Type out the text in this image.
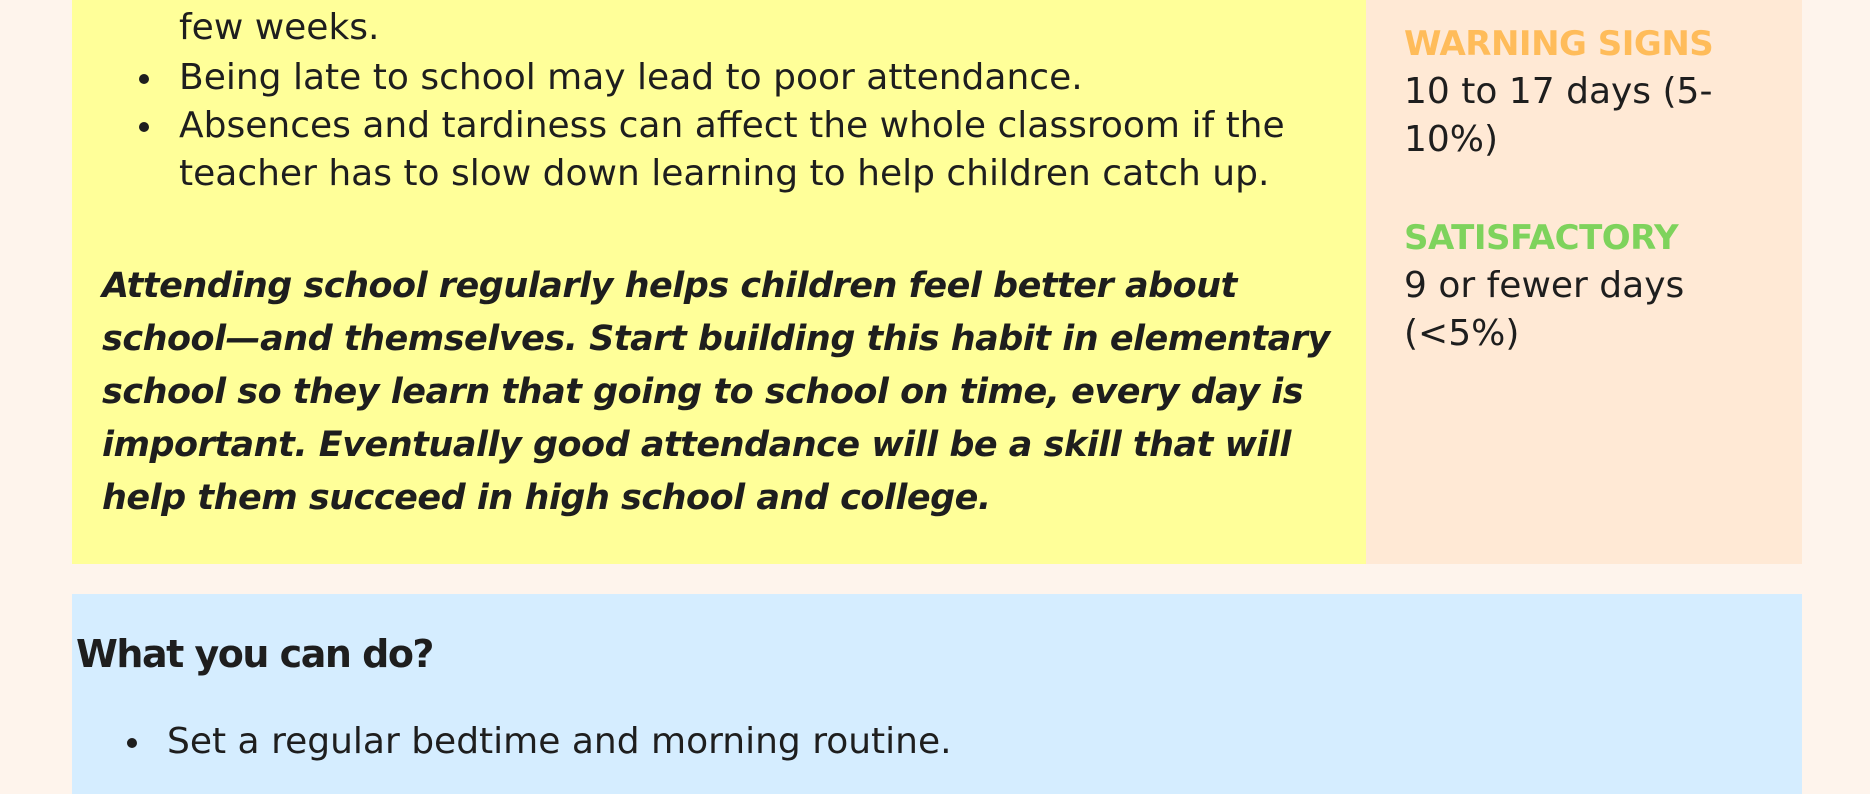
few weeks.

Being late to school may lead to poor attendance.
Absences and tardiness can affect the whole classroom if the teacher has to slow down learning to help children catch up.

Attending school regularly helps children feel better about school—and themselves. Start building this habit in elementary school so they learn that going to school on time, every day is important. Eventually good attendance will be a skill that will help them succeed in high school and college.

WARNING SIGNS

10 to 17 days (5-10%)

SATISFACTORY

9 or fewer days (<5%)

What you can do?
Set a regular bedtime and morning routine.
